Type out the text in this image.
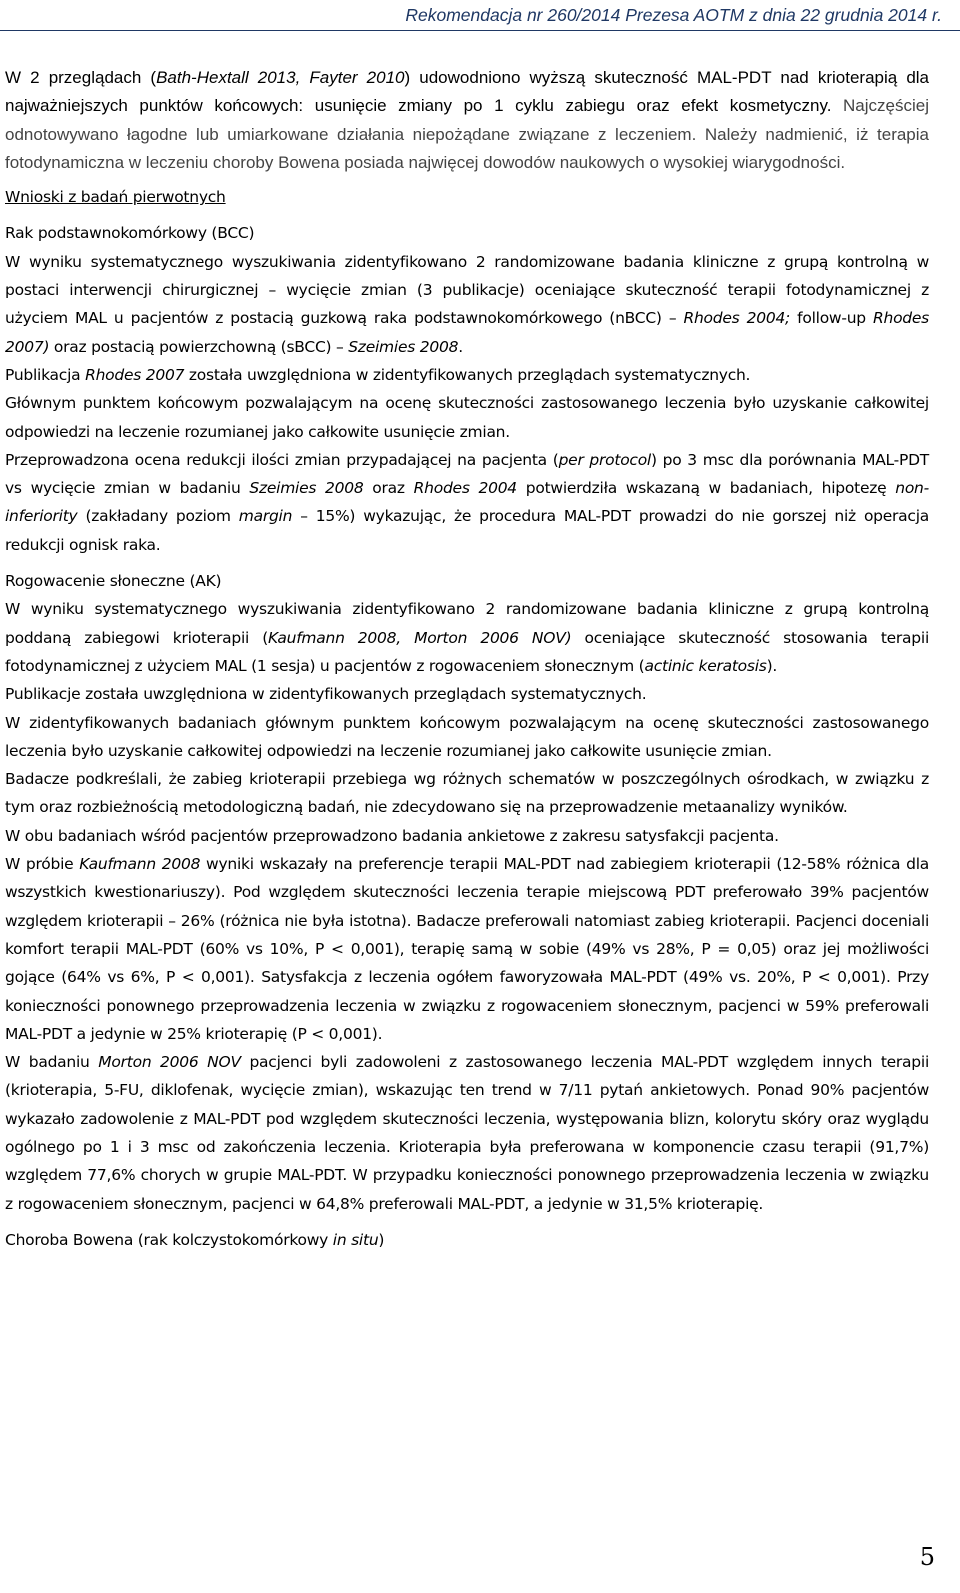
Rekomendacja nr 260/2014 Prezesa AOTM z dnia 22 grudnia 2014 r.

W 2 przeglądach (Bath-Hextall 2013, Fayter 2010) udowodniono wyższą skuteczność MAL-PDT nad krioterapią dla najważniejszych punktów końcowych: usunięcie zmiany po 1 cyklu zabiegu oraz efekt kosmetyczny. Najczęściej odnotowywano łagodne lub umiarkowane działania niepożądane związane z leczeniem. Należy nadmienić, iż terapia fotodynamiczna w leczeniu choroby Bowena posiada najwięcej dowodów naukowych o wysokiej wiarygodności.

Wnioski z badań pierwotnych

Rak podstawnokomórkowy (BCC)

W wyniku systematycznego wyszukiwania zidentyfikowano 2 randomizowane badania kliniczne z grupą kontrolną w postaci interwencji chirurgicznej – wycięcie zmian (3 publikacje) oceniające skuteczność terapii fotodynamicznej z użyciem MAL u pacjentów z postacią guzkową raka podstawnokomórkowego (nBCC) – Rhodes 2004; follow-up Rhodes 2007) oraz postacią powierzchowną (sBCC) – Szeimies 2008.

Publikacja Rhodes 2007 została uwzględniona w zidentyfikowanych przeglądach systematycznych.

Głównym punktem końcowym pozwalającym na ocenę skuteczności zastosowanego leczenia było uzyskanie całkowitej odpowiedzi na leczenie rozumianej jako całkowite usunięcie zmian.

Przeprowadzona ocena redukcji ilości zmian przypadającej na pacjenta (per protocol) po 3 msc dla porównania MAL-PDT vs wycięcie zmian w badaniu Szeimies 2008 oraz Rhodes 2004 potwierdziła wskazaną w badaniach, hipotezę non-inferiority (zakładany poziom margin – 15%) wykazując, że procedura MAL-PDT prowadzi do nie gorszej niż operacja redukcji ognisk raka.

Rogowacenie słoneczne (AK)

W wyniku systematycznego wyszukiwania zidentyfikowano 2 randomizowane badania kliniczne z grupą kontrolną poddaną zabiegowi krioterapii (Kaufmann 2008, Morton 2006 NOV) oceniające skuteczność stosowania terapii fotodynamicznej z użyciem MAL (1 sesja) u pacjentów z rogowaceniem słonecznym (actinic keratosis).

Publikacje została uwzględniona w zidentyfikowanych przeglądach systematycznych.

W zidentyfikowanych badaniach głównym punktem końcowym pozwalającym na ocenę skuteczności zastosowanego leczenia było uzyskanie całkowitej odpowiedzi na leczenie rozumianej jako całkowite usunięcie zmian.

Badacze podkreślali, że zabieg krioterapii przebiega wg różnych schematów w poszczególnych ośrodkach, w związku z tym oraz rozbieżnością metodologiczną badań, nie zdecydowano się na przeprowadzenie metaanalizy wyników.

W obu badaniach wśród pacjentów przeprowadzono badania ankietowe z zakresu satysfakcji pacjenta.

W próbie Kaufmann 2008 wyniki wskazały na preferencje terapii MAL-PDT nad zabiegiem krioterapii (12-58% różnica dla wszystkich kwestionariuszy). Pod względem skuteczności leczenia terapie miejscową PDT preferowało 39% pacjentów względem krioterapii – 26% (różnica nie była istotna). Badacze preferowali natomiast zabieg krioterapii. Pacjenci doceniali komfort terapii MAL-PDT (60% vs 10%, P < 0,001), terapię samą w sobie (49% vs 28%, P = 0,05) oraz jej możliwości gojące (64% vs 6%, P < 0,001). Satysfakcja z leczenia ogółem faworyzowała MAL-PDT (49% vs. 20%, P < 0,001). Przy konieczności ponownego przeprowadzenia leczenia w związku z rogowaceniem słonecznym, pacjenci w 59% preferowali MAL-PDT a jedynie w 25% krioterapię (P < 0,001).

W badaniu Morton 2006 NOV pacjenci byli zadowoleni z zastosowanego leczenia MAL-PDT względem innych terapii (krioterapia, 5-FU, diklofenak, wycięcie zmian), wskazując ten trend w 7/11 pytań ankietowych. Ponad 90% pacjentów wykazało zadowolenie z MAL-PDT pod względem skuteczności leczenia, występowania blizn, kolorytu skóry oraz wyglądu ogólnego po 1 i 3 msc od zakończenia leczenia. Krioterapia była preferowana w komponencie czasu terapii (91,7%) względem 77,6% chorych w grupie MAL-PDT. W przypadku konieczności ponownego przeprowadzenia leczenia w związku z rogowaceniem słonecznym, pacjenci w 64,8% preferowali MAL-PDT, a jedynie w 31,5% krioterapię.

Choroba Bowena (rak kolczystokomórkowy in situ)

5
